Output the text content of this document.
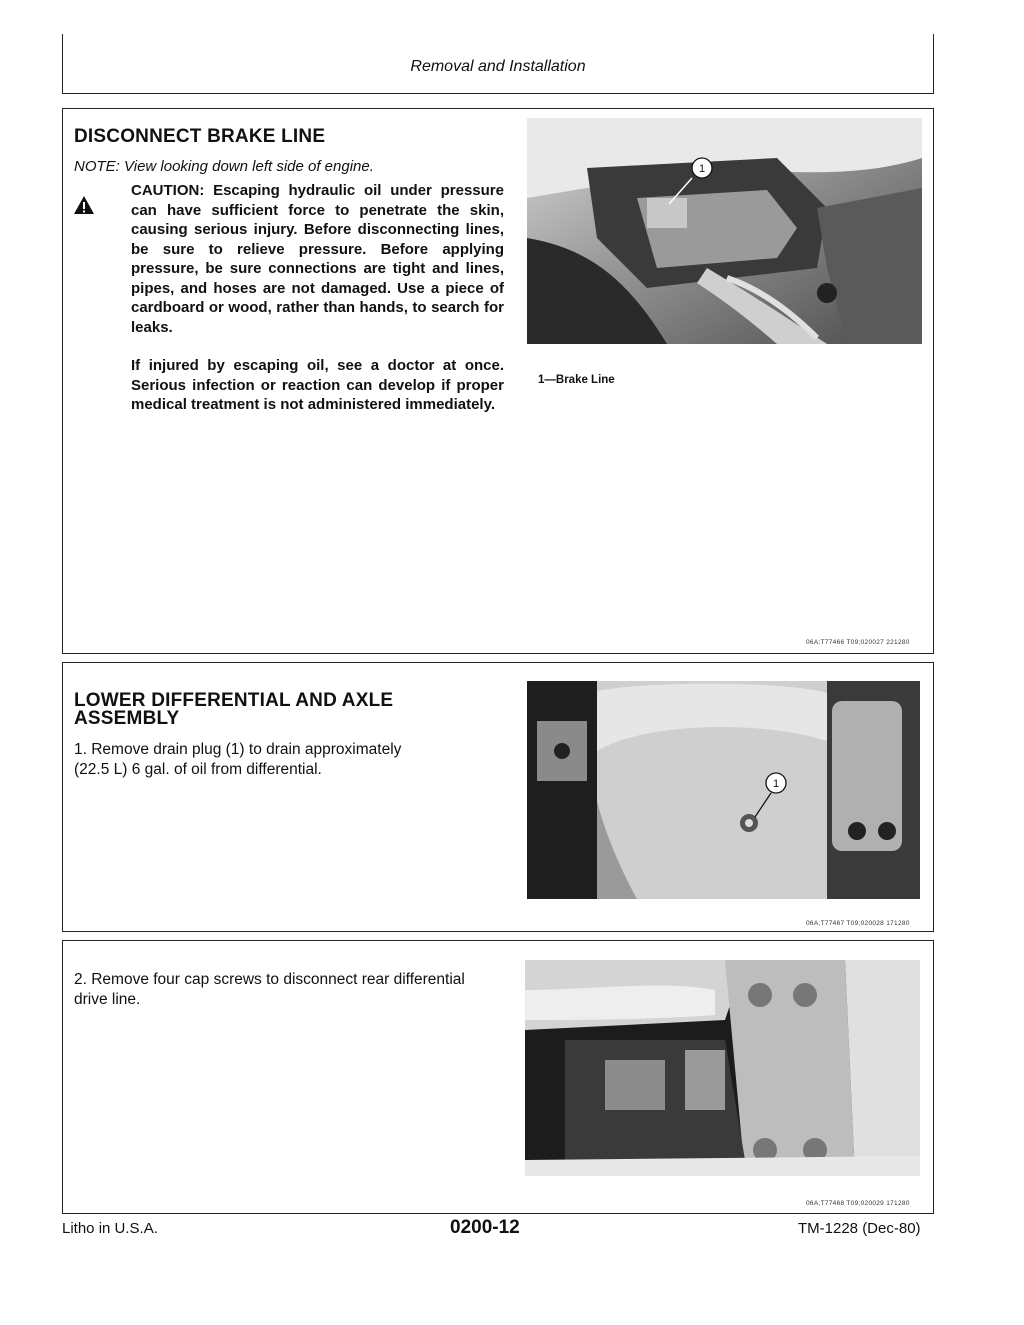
Removal and Installation
DISCONNECT BRAKE LINE
NOTE: View looking down left side of engine.
CAUTION: Escaping hydraulic oil under pressure can have sufficient force to penetrate the skin, causing serious injury. Before disconnecting lines, be sure to relieve pressure. Before applying pressure, be sure connections are tight and lines, pipes, and hoses are not damaged. Use a piece of cardboard or wood, rather than hands, to search for leaks.
If injured by escaping oil, see a doctor at once. Serious infection or reaction can develop if proper medical treatment is not administered immediately.
1
1—Brake Line
06A;T77466 T09;020027 221280
LOWER DIFFERENTIAL AND AXLE
ASSEMBLY
1. Remove drain plug (1) to drain approximately
(22.5 L) 6 gal. of oil from differential.
1
06A;T77467 T09;020028 171280
2. Remove four cap screws to disconnect rear differential
drive line.
06A;T77468 T09;020029 171280
Litho in U.S.A.	0200-12	TM-1228 (Dec-80)
